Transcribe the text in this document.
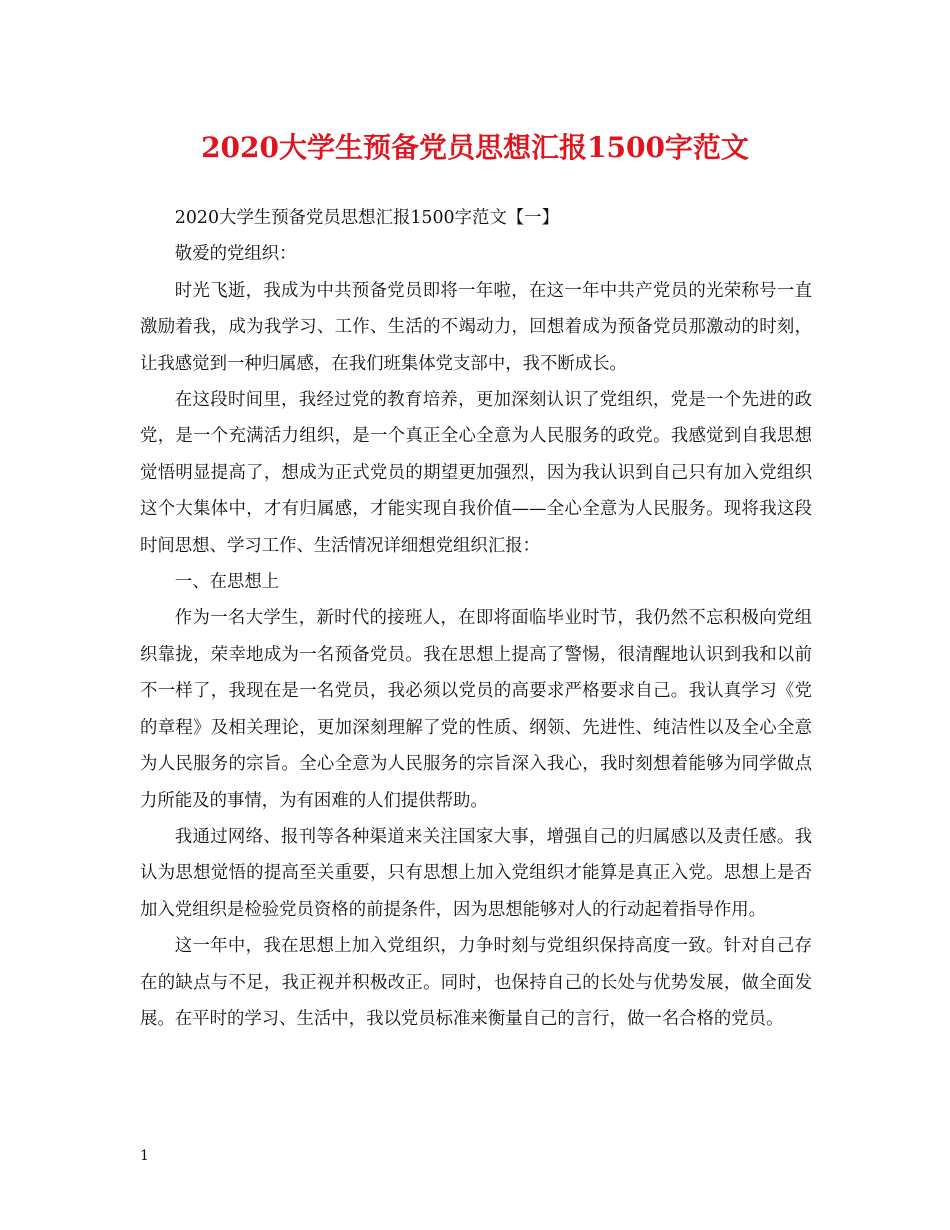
2020大学生预备党员思想汇报1500字范文

2020大学生预备党员思想汇报1500字范文【一】

敬爱的党组织：

时光飞逝，我成为中共预备党员即将一年啦，在这一年中共产党员的光荣称号一直激励着我，成为我学习、工作、生活的不竭动力，回想着成为预备党员那激动的时刻，让我感觉到一种归属感，在我们班集体党支部中，我不断成长。

在这段时间里，我经过党的教育培养，更加深刻认识了党组织，党是一个先进的政党，是一个充满活力组织，是一个真正全心全意为人民服务的政党。我感觉到自我思想觉悟明显提高了，想成为正式党员的期望更加强烈，因为我认识到自己只有加入党组织这个大集体中，才有归属感，才能实现自我价值——全心全意为人民服务。现将我这段时间思想、学习工作、生活情况详细想党组织汇报：

一、在思想上

作为一名大学生，新时代的接班人，在即将面临毕业时节，我仍然不忘积极向党组织靠拢，荣幸地成为一名预备党员。我在思想上提高了警惕，很清醒地认识到我和以前不一样了，我现在是一名党员，我必须以党员的高要求严格要求自己。我认真学习《党的章程》及相关理论，更加深刻理解了党的性质、纲领、先进性、纯洁性以及全心全意为人民服务的宗旨。全心全意为人民服务的宗旨深入我心，我时刻想着能够为同学做点力所能及的事情，为有困难的人们提供帮助。

我通过网络、报刊等各种渠道来关注国家大事，增强自己的归属感以及责任感。我认为思想觉悟的提高至关重要，只有思想上加入党组织才能算是真正入党。思想上是否加入党组织是检验党员资格的前提条件，因为思想能够对人的行动起着指导作用。

这一年中，我在思想上加入党组织，力争时刻与党组织保持高度一致。针对自己存在的缺点与不足，我正视并积极改正。同时，也保持自己的长处与优势发展，做全面发展。在平时的学习、生活中，我以党员标准来衡量自己的言行，做一名合格的党员。

1
